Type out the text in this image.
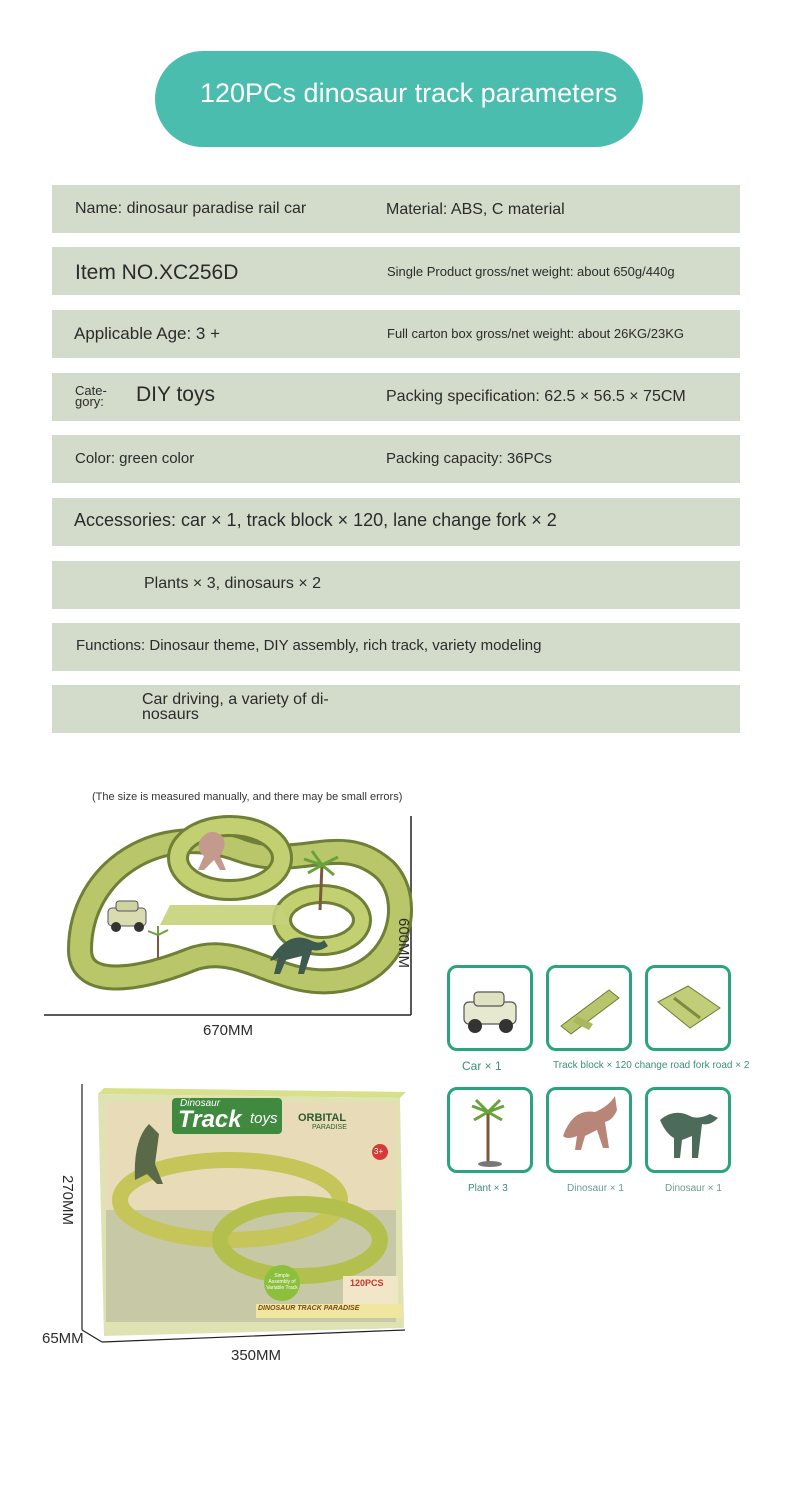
120PCs dinosaur track parameters
Name: dinosaur paradise rail car	Material: ABS, C material
Item NO.XC256D	Single Product gross/net weight: about 650g/440g
Applicable Age: 3 +	Full carton box gross/net weight: about 26KG/23KG
Cate-
gory: DIY toys	Packing specification: 62.5 × 56.5 × 75CM
Color: green color	Packing capacity: 36PCs
Accessories: car × 1, track block × 120, lane change fork × 2
Plants × 3, dinosaurs × 2
Functions: Dinosaur theme, DIY assembly, rich track, variety modeling
Car driving, a variety of di-
nosaurs
(The size is measured manually, and there may be small errors)
670MM
600MM
Dinosaur
Track toys ORBITAL
PARADISE
3+
Simple Assembly of Variable Track	120PCS
DINOSAUR TRACK PARADISE
350MM
65MM
270MM
Car × 1	Track block × 120 change road fork road × 2
Plant × 3	Dinosaur × 1	Dinosaur × 1
